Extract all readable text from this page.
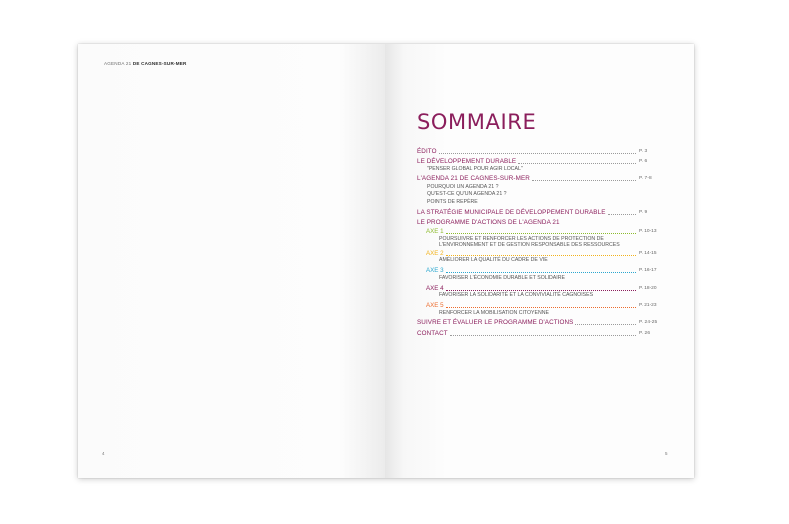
AGENDA 21 DE CAGNES-SUR-MER
4
SOMMAIRE
ÉDITO	P. 3
LE DÉVELOPPEMENT DURABLE	P. 6
"PENSER GLOBAL POUR AGIR LOCAL"
L'AGENDA 21 DE CAGNES-SUR-MER	P. 7-8
POURQUOI UN AGENDA 21 ?
QU'EST-CE QU'UN AGENDA 21 ?
POINTS DE REPÈRE
LA STRATÉGIE MUNICIPALE DE DÉVELOPPEMENT DURABLE	P. 9
LE PROGRAMME D'ACTIONS DE L'AGENDA 21
AXE 1	P. 10-13
POURSUIVRE ET RENFORCER LES ACTIONS DE PROTECTION DE
L'ENVIRONNEMENT ET DE GESTION RESPONSABLE DES RESSOURCES
AXE 2	P. 14-15
AMÉLIORER LA QUALITÉ DU CADRE DE VIE
AXE 3	P. 16-17
FAVORISER L'ÉCONOMIE DURABLE ET SOLIDAIRE
AXE 4	P. 18-20
FAVORISER LA SOLIDARITÉ ET LA CONVIVIALITÉ CAGNOISES
AXE 5	P. 21-23
RENFORCER LA MOBILISATION CITOYENNE
SUIVRE ET ÉVALUER LE PROGRAMME D'ACTIONS	P. 24-25
CONTACT	P. 26
5
